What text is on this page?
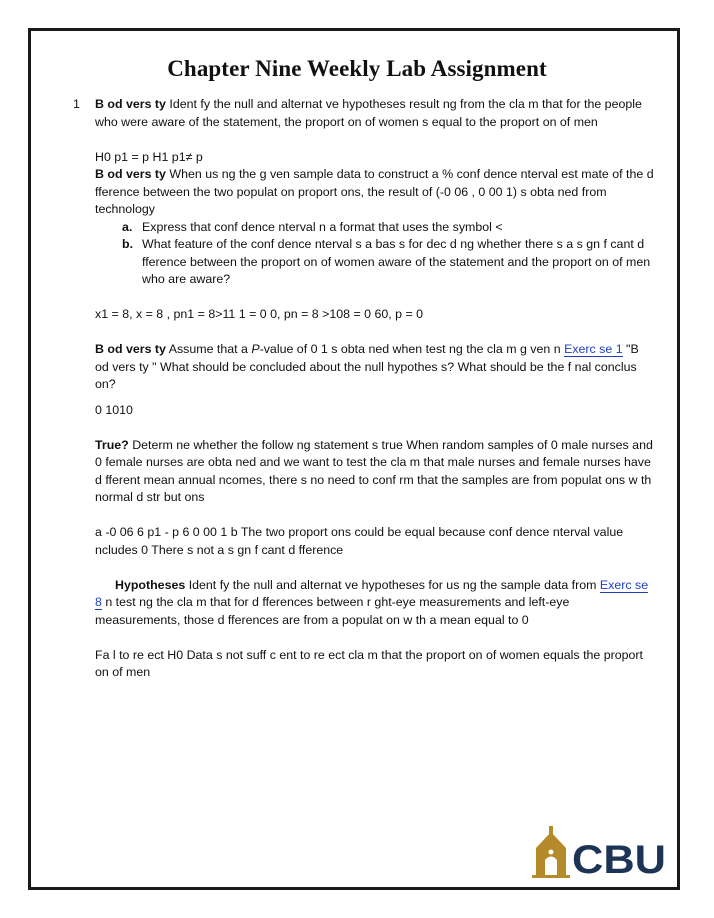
Chapter Nine Weekly Lab Assignment
1 B od vers ty Ident fy the null and alternat ve hypotheses result ng from the cla m that for the people who were aware of the statement, the proport on of women s equal to the proport on of men

H0 p1 = p H1 p1≠ p

B od vers ty When us ng the g ven sample data to construct a % conf dence nterval est mate of the d fference between the two populat on proport ons, the result of (-0 06 , 0 00 1) s obta ned from technology

a. Express that conf dence nterval n a format that uses the symbol <

b. What feature of the conf dence nterval s a bas s for dec d ng whether there s a s gn f cant d fference between the proport on of women aware of the statement and the proport on of men who are aware?

x1 = 8, x = 8 , pn1 = 8>11 1 = 0 0, pn = 8 >108 = 0 60, p = 0

B od vers ty Assume that a P-value of 0 1 s obta ned when test ng the cla m g ven n Exerc se 1 "B od vers ty " What should be concluded about the null hypothes s? What should be the f nal conclus on?

0 1010

True? Determ ne whether the follow ng statement s true When random samples of 0 male nurses and 0 female nurses are obta ned and we want to test the cla m that male nurses and female nurses have d fferent mean annual ncomes, there s no need to conf rm that the samples are from populat ons w th normal d str but ons

a -0 06 6 p1 - p 6 0 00 1 b The two proport ons could be equal because conf dence nterval value ncludes 0 There s not a s gn f cant d fference

Hypotheses Ident fy the null and alternat ve hypotheses for us ng the sample data from Exerc se 8 n test ng the cla m that for d fferences between r ght-eye measurements and left-eye measurements, those d fferences are from a populat on w th a mean equal to 0

Fa l to re ect H0 Data s not suff c ent to re ect cla m that the proport on of women equals the proport on of men

CBU
